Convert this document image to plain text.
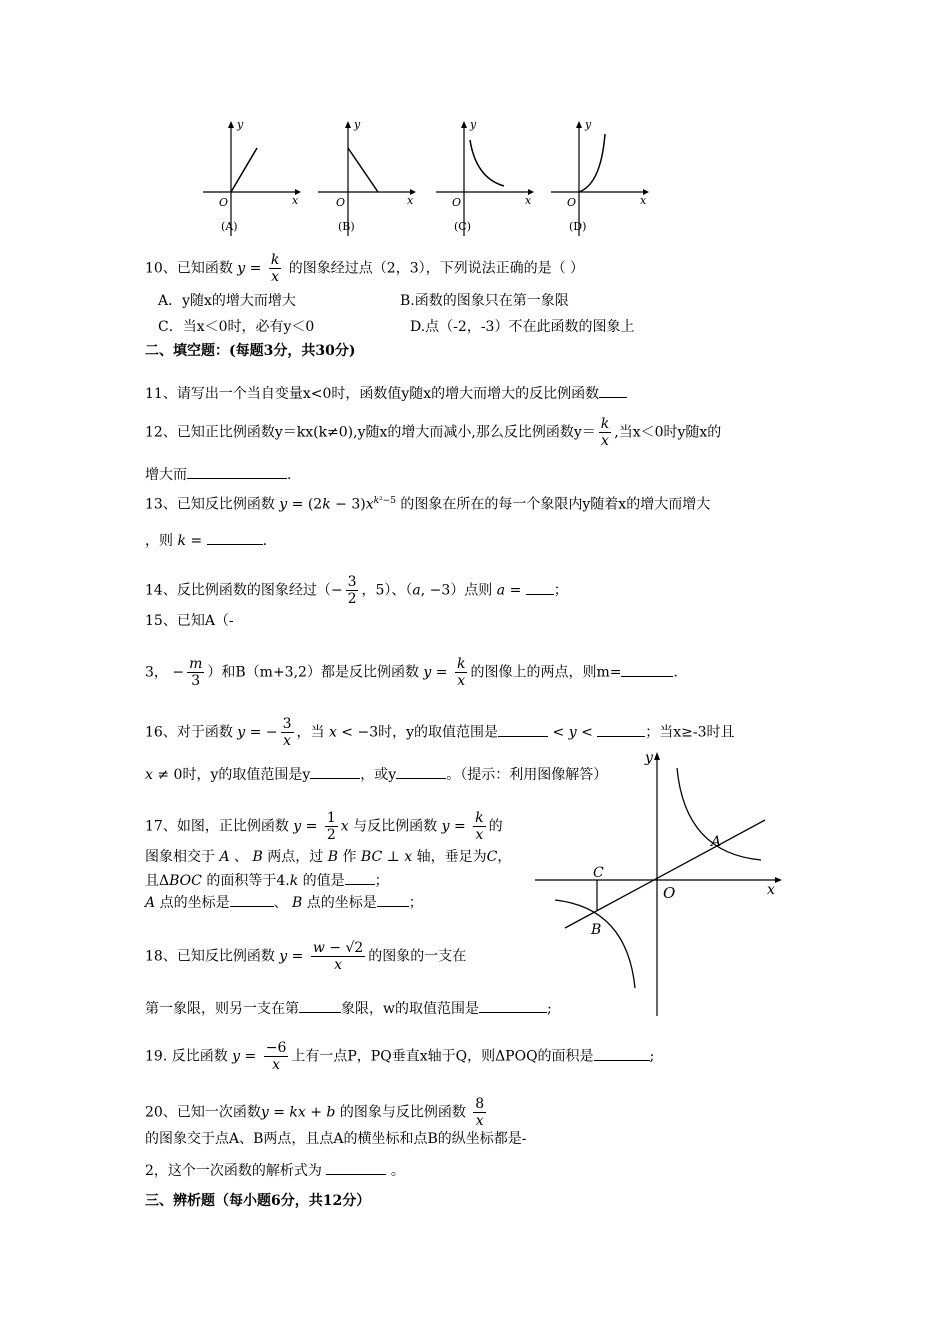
y
x
O
(A)
y
x
O
(B)
y
x
O
(C)
y
x
O
(D)
10、已知函数 $y = \frac{k}{x}$ 的图象经过点（2，3），下列说法正确的是（ ）
A．y随x的增大而增大	B.函数的图象只在第一象限
C．当x＜0时，必有y＜0	D.点（-2，-3）不在此函数的图象上
二、填空题：(每题3分，共30分)
11、请写出一个当自变量x<0时，函数值y随x的增大而增大的反比例函数
12、已知正比例函数y＝kx(k≠0),y随x的增大而减小,那么反比例函数$y= \frac{k}{x}$ ,当x＜0时y随x的
增大而	.
13、已知反比例函数 $y = (2k - 3)x^{k^2-5}$ 的图象在所在的每一个象限内y随着x的增大而增大
，则 k =	.
14、反比例函数的图象经过（− $\frac{3}{2}$ ，5）、（a, −3）点则 a = ；
15、已知A（-
3， − $\frac{m}{3}$ ）和B（m+3,2）都是反比例函数 $y = \frac{k}{x}$ 的图像上的两点，则m=	.
16、对于函数 y = − $\frac{3}{x}$ ，当 x < −3时，y的取值范围是	< y <	；当x≥-3时且
x ≠ 0时，y的取值范围是y	，或y	。（提示：利用图像解答）
17、如图，正比例函数 $y = \frac{1}{2}$ x 与反比例函数 $y = \frac{k}{x}$ 的
图象相交于 A 、 B 两点，过 B 作 BC ⊥ x 轴，垂足为C，
且ΔBOC 的面积等于4.k 的值是 ；
A 点的坐标是	、 B 点的坐标是 ；
y
x
O
A
B
C
18、已知反比例函数 $y = \frac{w - √2}{x}$ 的图象的一支在
第一象限，则另一支在第	象限，w的取值范围是	;
19. 反比函数 $y = \frac{-6}{x}$ 上有一点P，PQ垂直x轴于Q，则ΔPOQ的面积是	;
20、已知一次函数y = kx + b 的图象与反比例函数 $\frac{8}{x}$
的图象交于点A、B两点，且点A的横坐标和点B的纵坐标都是-
2，这个一次函数的解析式为	。
三、辨析题（每小题6分，共12分）
